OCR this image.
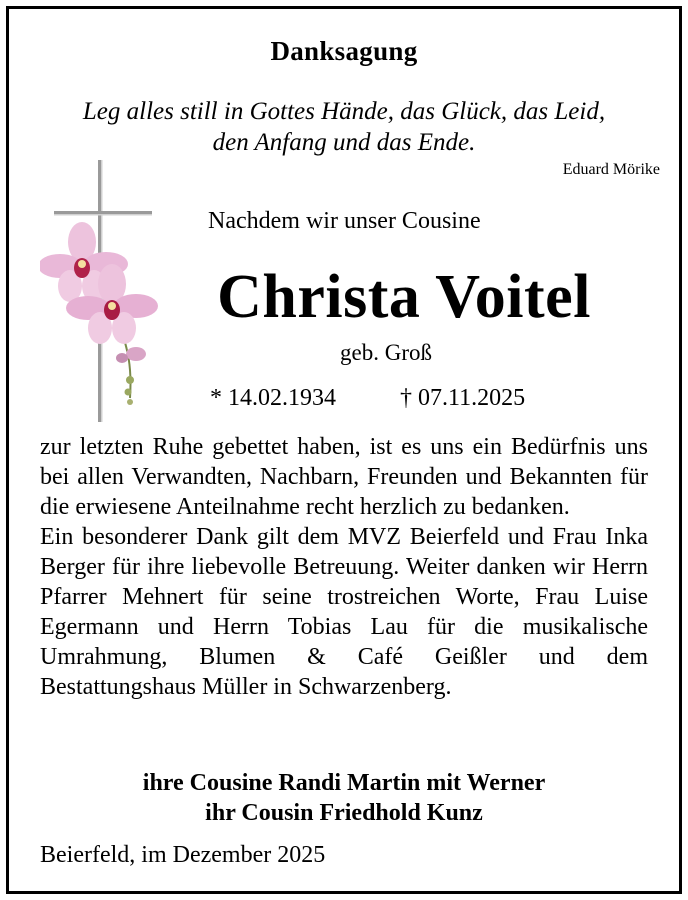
Danksagung
Leg alles still in Gottes Hände, das Glück, das Leid,
den Anfang und das Ende.
Eduard Mörike
Nachdem wir unser Cousine
Christa Voitel
geb. Groß
* 14.02.1934	† 07.11.2025

zur letzten Ruhe gebettet haben, ist es uns ein Bedürfnis uns bei allen Verwandten, Nachbarn, Freunden und Bekannten für die erwiesene Anteilnahme recht herzlich zu bedanken.

Ein besonderer Dank gilt dem MVZ Beierfeld und Frau Inka Berger für ihre liebevolle Betreuung. Weiter danken wir Herrn Pfarrer Mehnert für seine trostreichen Worte, Frau Luise Egermann und Herrn Tobias Lau für die musikalische Umrahmung, Blumen & Café Geißler und dem Bestattungshaus Müller in Schwarzenberg.

ihre Cousine Randi Martin mit Werner
ihr Cousin Friedhold Kunz
Beierfeld, im Dezember 2025
